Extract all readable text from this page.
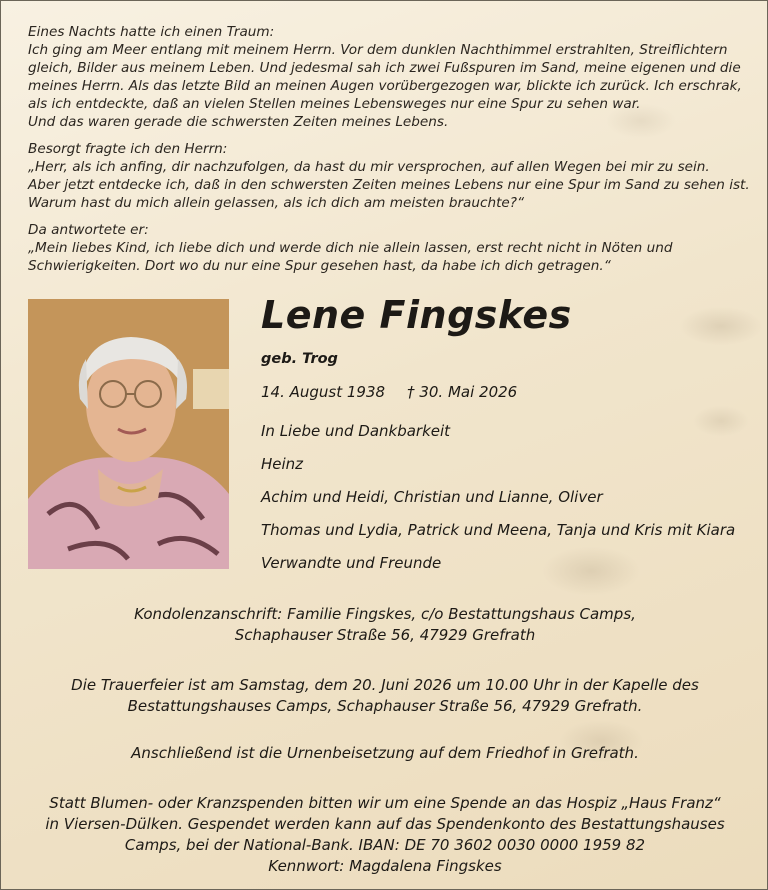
Eines Nachts hatte ich einen Traum:
Ich ging am Meer entlang mit meinem Herrn. Vor dem dunklen Nachthimmel erstrahlten, Streiflichtern
gleich, Bilder aus meinem Leben. Und jedesmal sah ich zwei Fußspuren im Sand, meine eigenen und die
meines Herrn. Als das letzte Bild an meinen Augen vorübergezogen war, blickte ich zurück. Ich erschrak,
als ich entdeckte, daß an vielen Stellen meines Lebensweges nur eine Spur zu sehen war.
Und das waren gerade die schwersten Zeiten meines Lebens.

Besorgt fragte ich den Herrn:
„Herr, als ich anfing, dir nachzufolgen, da hast du mir versprochen, auf allen Wegen bei mir zu sein.
Aber jetzt entdecke ich, daß in den schwersten Zeiten meines Lebens nur eine Spur im Sand zu sehen ist.
Warum hast du mich allein gelassen, als ich dich am meisten brauchte?“

Da antwortete er:
„Mein liebes Kind, ich liebe dich und werde dich nie allein lassen, erst recht nicht in Nöten und
Schwierigkeiten. Dort wo du nur eine Spur gesehen hast, da habe ich dich getragen.“

Lene Fingskes
geb. Trog
14. August 1938 † 30. Mai 2026
In Liebe und Dankbarkeit
Heinz
Achim und Heidi, Christian und Lianne, Oliver
Thomas und Lydia, Patrick und Meena, Tanja und Kris mit Kiara
Verwandte und Freunde
Kondolenzanschrift: Familie Fingskes, c/o Bestattungshaus Camps,
Schaphauser Straße 56, 47929 Grefrath
Die Trauerfeier ist am Samstag, dem 20. Juni 2026 um 10.00 Uhr in der Kapelle des
Bestattungshauses Camps, Schaphauser Straße 56, 47929 Grefrath.
Anschließend ist die Urnenbeisetzung auf dem Friedhof in Grefrath.
Statt Blumen- oder Kranzspenden bitten wir um eine Spende an das Hospiz „Haus Franz“
in Viersen-Dülken. Gespendet werden kann auf das Spendenkonto des Bestattungshauses
Camps, bei der National-Bank. IBAN: DE 70 3602 0030 0000 1959 82
Kennwort: Magdalena Fingskes
